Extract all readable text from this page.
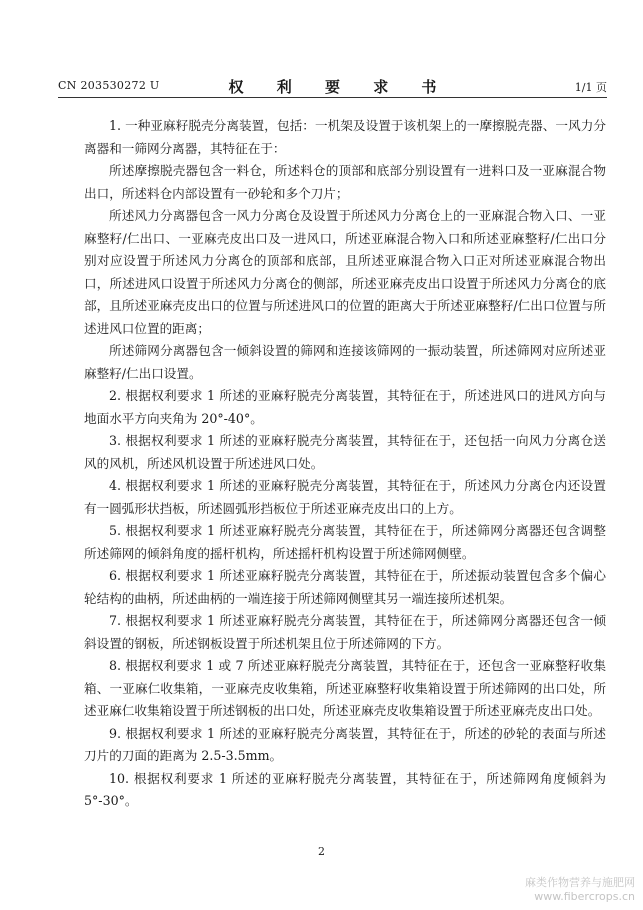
CN 203530272 U	权 利 要 求 书	1/1 页

1. 一种亚麻籽脱壳分离装置，包括：一机架及设置于该机架上的一摩擦脱壳器、一风力分离器和一筛网分离器，其特征在于：

所述摩擦脱壳器包含一料仓，所述料仓的顶部和底部分别设置有一进料口及一亚麻混合物出口，所述料仓内部设置有一砂轮和多个刀片；

所述风力分离器包含一风力分离仓及设置于所述风力分离仓上的一亚麻混合物入口、一亚麻整籽/仁出口、一亚麻壳皮出口及一进风口，所述亚麻混合物入口和所述亚麻整籽/仁出口分别对应设置于所述风力分离仓的顶部和底部，且所述亚麻混合物入口正对所述亚麻混合物出口，所述进风口设置于所述风力分离仓的侧部，所述亚麻壳皮出口设置于所述风力分离仓的底部，且所述亚麻壳皮出口的位置与所述进风口的位置的距离大于所述亚麻整籽/仁出口位置与所述进风口位置的距离；

所述筛网分离器包含一倾斜设置的筛网和连接该筛网的一振动装置，所述筛网对应所述亚麻整籽/仁出口设置。

2. 根据权利要求 1 所述的亚麻籽脱壳分离装置，其特征在于，所述进风口的进风方向与地面水平方向夹角为 20°-40°。

3. 根据权利要求 1 所述的亚麻籽脱壳分离装置，其特征在于，还包括一向风力分离仓送风的风机，所述风机设置于所述进风口处。

4. 根据权利要求 1 所述的亚麻籽脱壳分离装置，其特征在于，所述风力分离仓内还设置有一圆弧形状挡板，所述圆弧形挡板位于所述亚麻壳皮出口的上方。

5. 根据权利要求 1 所述亚麻籽脱壳分离装置，其特征在于，所述筛网分离器还包含调整所述筛网的倾斜角度的摇杆机构，所述摇杆机构设置于所述筛网侧壁。

6. 根据权利要求 1 所述亚麻籽脱壳分离装置，其特征在于，所述振动装置包含多个偏心轮结构的曲柄，所述曲柄的一端连接于所述筛网侧壁其另一端连接所述机架。

7. 根据权利要求 1 所述亚麻籽脱壳分离装置，其特征在于，所述筛网分离器还包含一倾斜设置的钢板，所述钢板设置于所述机架且位于所述筛网的下方。

8. 根据权利要求 1 或 7 所述亚麻籽脱壳分离装置，其特征在于，还包含一亚麻整籽收集箱、一亚麻仁收集箱，一亚麻壳皮收集箱，所述亚麻整籽收集箱设置于所述筛网的出口处，所述亚麻仁收集箱设置于所述钢板的出口处，所述亚麻壳皮收集箱设置于所述亚麻壳皮出口处。

9. 根据权利要求 1 所述的亚麻籽脱壳分离装置，其特征在于，所述的砂轮的表面与所述刀片的刀面的距离为 2.5-3.5mm。

10. 根据权利要求 1 所述的亚麻籽脱壳分离装置，其特征在于，所述筛网角度倾斜为 5°-30°。

2
麻类作物营养与施肥网
www.fibercrops.cn
